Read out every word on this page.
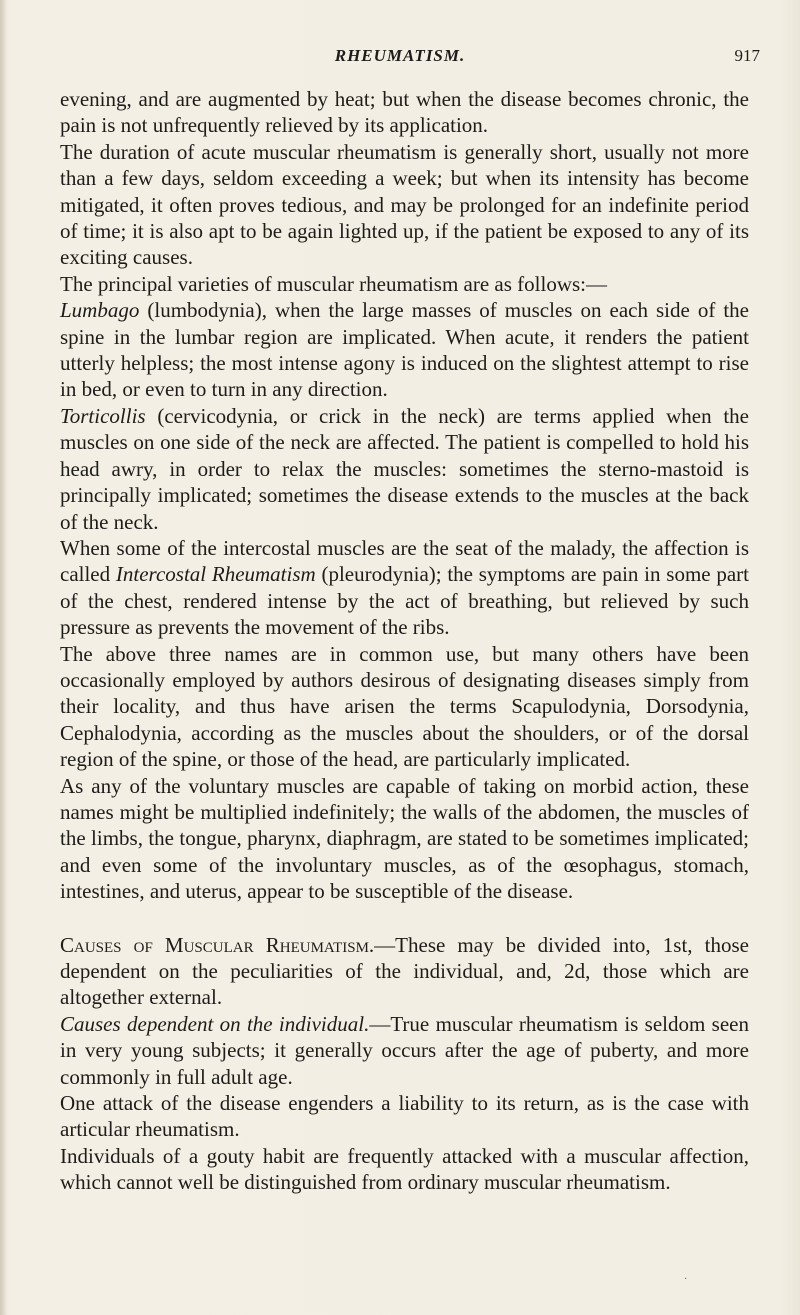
RHEUMATISM.	917

evening, and are augmented by heat; but when the disease becomes chronic, the pain is not unfrequently relieved by its application.

The duration of acute muscular rheumatism is generally short, usually not more than a few days, seldom exceeding a week; but when its intensity has become mitigated, it often proves tedious, and may be prolonged for an indefinite period of time; it is also apt to be again lighted up, if the patient be exposed to any of its exciting causes.

The principal varieties of muscular rheumatism are as follows:—

Lumbago (lumbodynia), when the large masses of muscles on each side of the spine in the lumbar region are implicated. When acute, it renders the patient utterly helpless; the most intense agony is induced on the slightest attempt to rise in bed, or even to turn in any direction.

Torticollis (cervicodynia, or crick in the neck) are terms applied when the muscles on one side of the neck are affected. The patient is compelled to hold his head awry, in order to relax the muscles: sometimes the sterno-mastoid is principally implicated; sometimes the disease extends to the muscles at the back of the neck.

When some of the intercostal muscles are the seat of the malady, the affection is called Intercostal Rheumatism (pleurodynia); the symptoms are pain in some part of the chest, rendered intense by the act of breathing, but relieved by such pressure as prevents the movement of the ribs.

The above three names are in common use, but many others have been occasionally employed by authors desirous of designating diseases simply from their locality, and thus have arisen the terms Scapulodynia, Dorsodynia, Cephalodynia, according as the muscles about the shoulders, or of the dorsal region of the spine, or those of the head, are particularly implicated.

As any of the voluntary muscles are capable of taking on morbid action, these names might be multiplied indefinitely; the walls of the abdomen, the muscles of the limbs, the tongue, pharynx, diaphragm, are stated to be sometimes implicated; and even some of the involuntary muscles, as of the œsophagus, stomach, intestines, and uterus, appear to be susceptible of the disease.

Causes of Muscular Rheumatism.—These may be divided into, 1st, those dependent on the peculiarities of the individual, and, 2d, those which are altogether external.

Causes dependent on the individual.—True muscular rheumatism is seldom seen in very young subjects; it generally occurs after the age of puberty, and more commonly in full adult age.

One attack of the disease engenders a liability to its return, as is the case with articular rheumatism.

Individuals of a gouty habit are frequently attacked with a muscular affection, which cannot well be distinguished from ordinary muscular rheumatism.

·
